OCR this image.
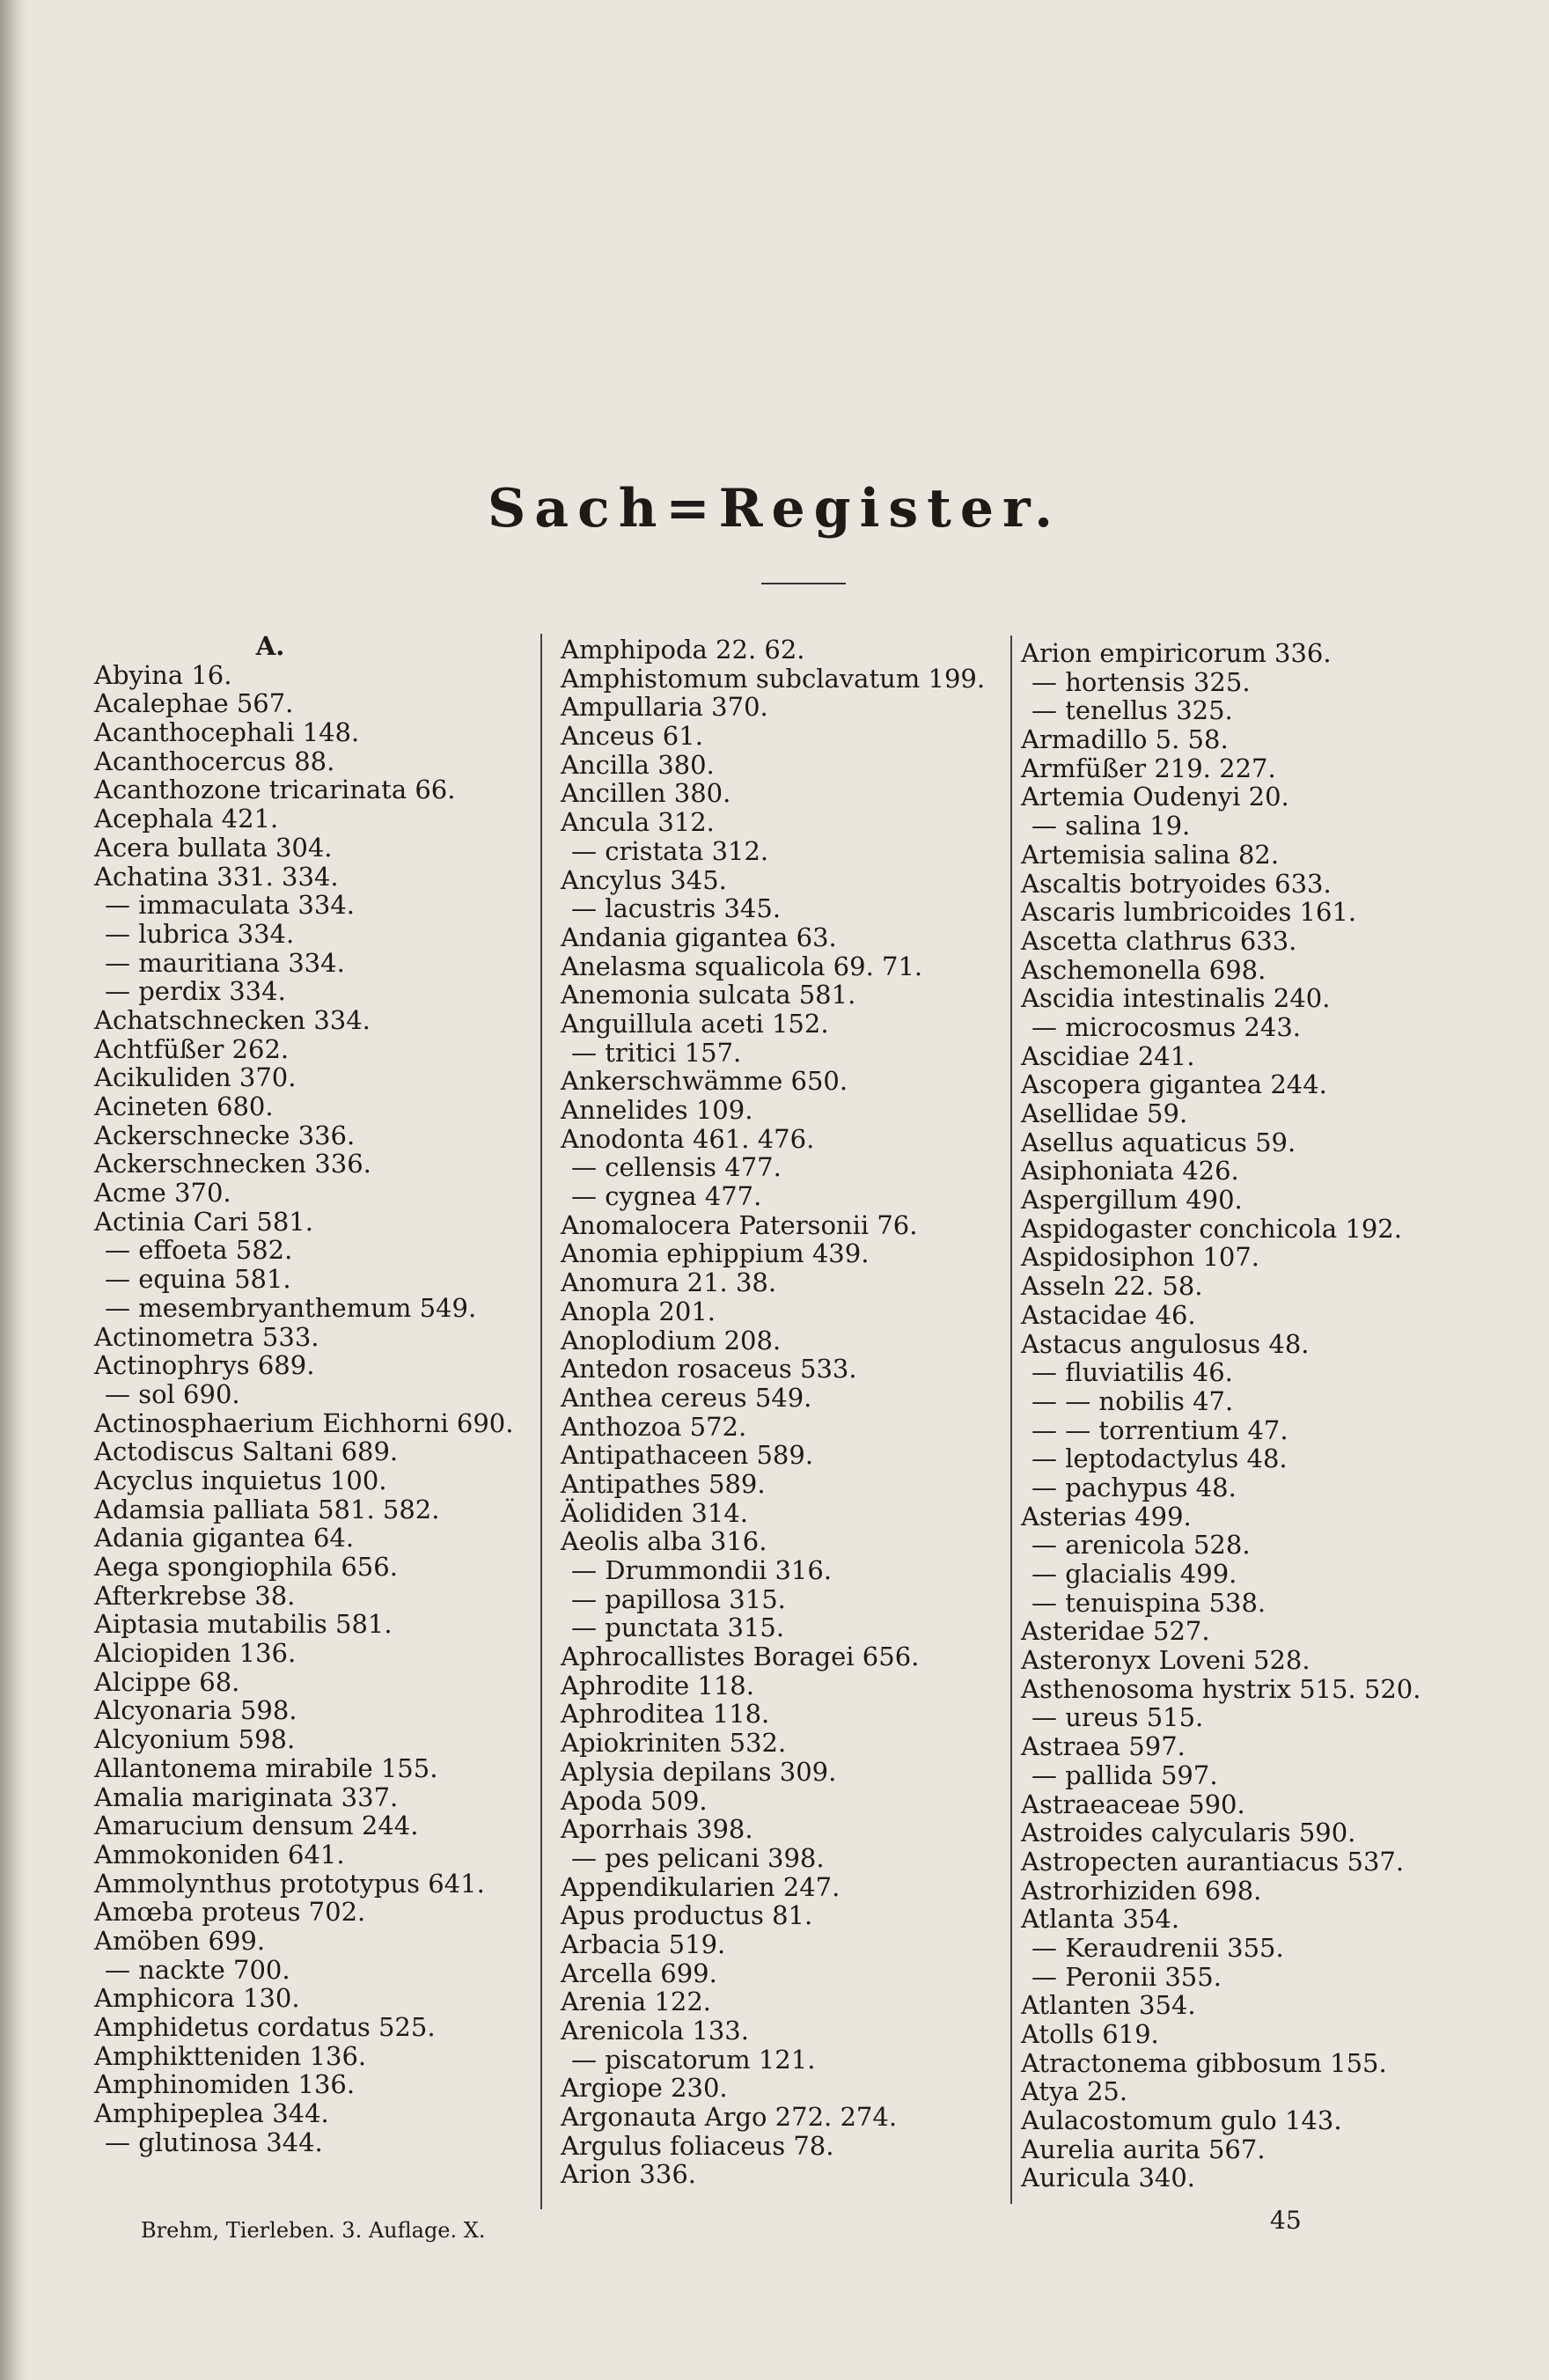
Sach=Register.
A.
Abyina 16.
Acalephae 567.
Acanthocephali 148.
Acanthocercus 88.
Acanthozone tricarinata 66.
Acephala 421.
Acera bullata 304.
Achatina 331. 334.
— immaculata 334.
— lubrica 334.
— mauritiana 334.
— perdix 334.
Achatschnecken 334.
Achtfüßer 262.
Acikuliden 370.
Acineten 680.
Ackerschnecke 336.
Ackerschnecken 336.
Acme 370.
Actinia Cari 581.
— effoeta 582.
— equina 581.
— mesembryanthemum 549.
Actinometra 533.
Actinophrys 689.
— sol 690.
Actinosphaerium Eichhorni 690.
Actodiscus Saltani 689.
Acyclus inquietus 100.
Adamsia palliata 581. 582.
Adania gigantea 64.
Aega spongiophila 656.
Afterkrebse 38.
Aiptasia mutabilis 581.
Alciopiden 136.
Alcippe 68.
Alcyonaria 598.
Alcyonium 598.
Allantonema mirabile 155.
Amalia mariginata 337.
Amarucium densum 244.
Ammokoniden 641.
Ammolynthus prototypus 641.
Amœba proteus 702.
Amöben 699.
— nackte 700.
Amphicora 130.
Amphidetus cordatus 525.
Amphiktteniden 136.
Amphinomiden 136.
Amphipeplea 344.
— glutinosa 344.
Amphipoda 22. 62.
Amphistomum subclavatum 199.
Ampullaria 370.
Anceus 61.
Ancilla 380.
Ancillen 380.
Ancula 312.
— cristata 312.
Ancylus 345.
— lacustris 345.
Andania gigantea 63.
Anelasma squalicola 69. 71.
Anemonia sulcata 581.
Anguillula aceti 152.
— tritici 157.
Ankerschwämme 650.
Annelides 109.
Anodonta 461. 476.
— cellensis 477.
— cygnea 477.
Anomalocera Patersonii 76.
Anomia ephippium 439.
Anomura 21. 38.
Anopla 201.
Anoplodium 208.
Antedon rosaceus 533.
Anthea cereus 549.
Anthozoa 572.
Antipathaceen 589.
Antipathes 589.
Äolididen 314.
Aeolis alba 316.
— Drummondii 316.
— papillosa 315.
— punctata 315.
Aphrocallistes Boragei 656.
Aphrodite 118.
Aphroditea 118.
Apiokriniten 532.
Aplysia depilans 309.
Apoda 509.
Aporrhais 398.
— pes pelicani 398.
Appendikularien 247.
Apus productus 81.
Arbacia 519.
Arcella 699.
Arenia 122.
Arenicola 133.
— piscatorum 121.
Argiope 230.
Argonauta Argo 272. 274.
Argulus foliaceus 78.
Arion 336.
Arion empiricorum 336.
— hortensis 325.
— tenellus 325.
Armadillo 5. 58.
Armfüßer 219. 227.
Artemia Oudenyi 20.
— salina 19.
Artemisia salina 82.
Ascaltis botryoides 633.
Ascaris lumbricoides 161.
Ascetta clathrus 633.
Aschemonella 698.
Ascidia intestinalis 240.
— microcosmus 243.
Ascidiae 241.
Ascopera gigantea 244.
Asellidae 59.
Asellus aquaticus 59.
Asiphoniata 426.
Aspergillum 490.
Aspidogaster conchicola 192.
Aspidosiphon 107.
Asseln 22. 58.
Astacidae 46.
Astacus angulosus 48.
— fluviatilis 46.
— — nobilis 47.
— — torrentium 47.
— leptodactylus 48.
— pachypus 48.
Asterias 499.
— arenicola 528.
— glacialis 499.
— tenuispina 538.
Asteridae 527.
Asteronyx Loveni 528.
Asthenosoma hystrix 515. 520.
— ureus 515.
Astraea 597.
— pallida 597.
Astraeaceae 590.
Astroides calycularis 590.
Astropecten aurantiacus 537.
Astrorhiziden 698.
Atlanta 354.
— Keraudrenii 355.
— Peronii 355.
Atlanten 354.
Atolls 619.
Atractonema gibbosum 155.
Atya 25.
Aulacostomum gulo 143.
Aurelia aurita 567.
Auricula 340.
Brehm, Tierleben. 3. Auflage. X.	45
